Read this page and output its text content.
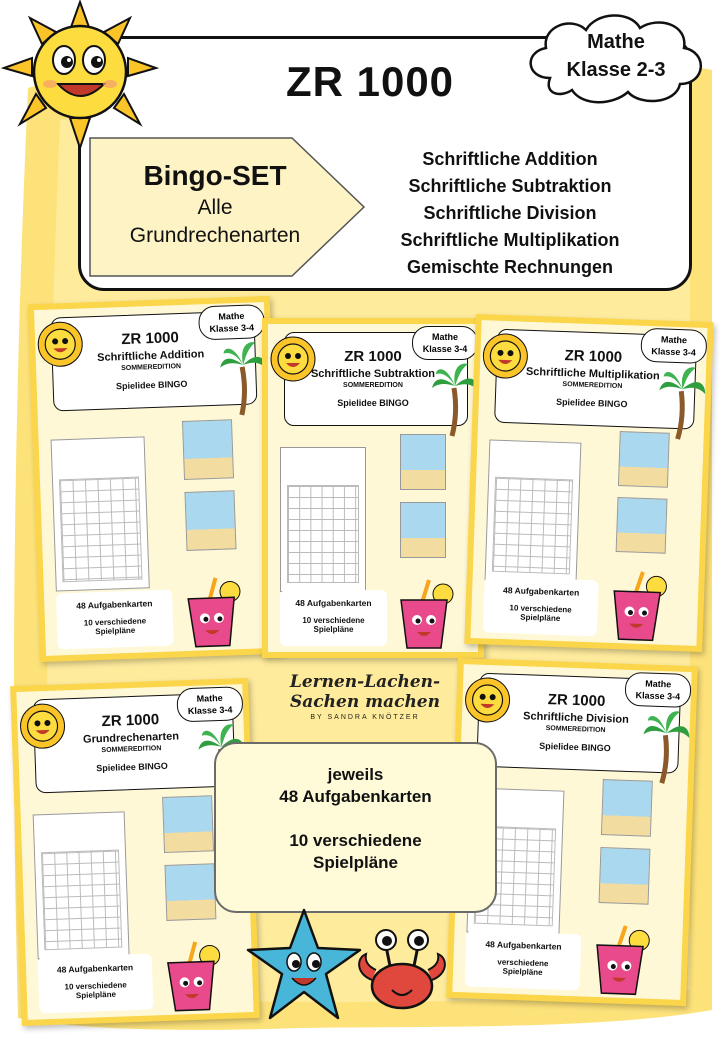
ZR 1000
Mathe
Klasse 2-3
Bingo-SET
Alle
Grundrechenarten
Schriftliche Addition
Schriftliche Subtraktion
Schriftliche Division
Schriftliche Multiplikation
Gemischte Rechnungen
ZR 1000
Schriftliche Addition
SOMMEREDITION
Spielidee BINGO
Mathe
Klasse 3-4
48 Aufgabenkarten
10 verschiedene
Spielpläne
ZR 1000
Schriftliche Subtraktion
SOMMEREDITION
Spielidee BINGO
Mathe
Klasse 3-4
48 Aufgabenkarten
10 verschiedene
Spielpläne
ZR 1000
Schriftliche Multiplikation
SOMMEREDITION
Spielidee BINGO
Mathe
Klasse 3-4
48 Aufgabenkarten
10 verschiedene
Spielpläne
ZR 1000
Grundrechenarten
SOMMEREDITION
Spielidee BINGO
Mathe
Klasse 3-4
48 Aufgabenkarten
10 verschiedene
Spielpläne
ZR 1000
Schriftliche Division
SOMMEREDITION
Spielidee BINGO
Mathe
Klasse 3-4
48 Aufgabenkarten
verschiedene
Spielpläne
Lernen-Lachen-Sachen machen
BY SANDRA KNÖTZER
jeweils
48 Aufgabenkarten
10 verschiedene
Spielpläne
